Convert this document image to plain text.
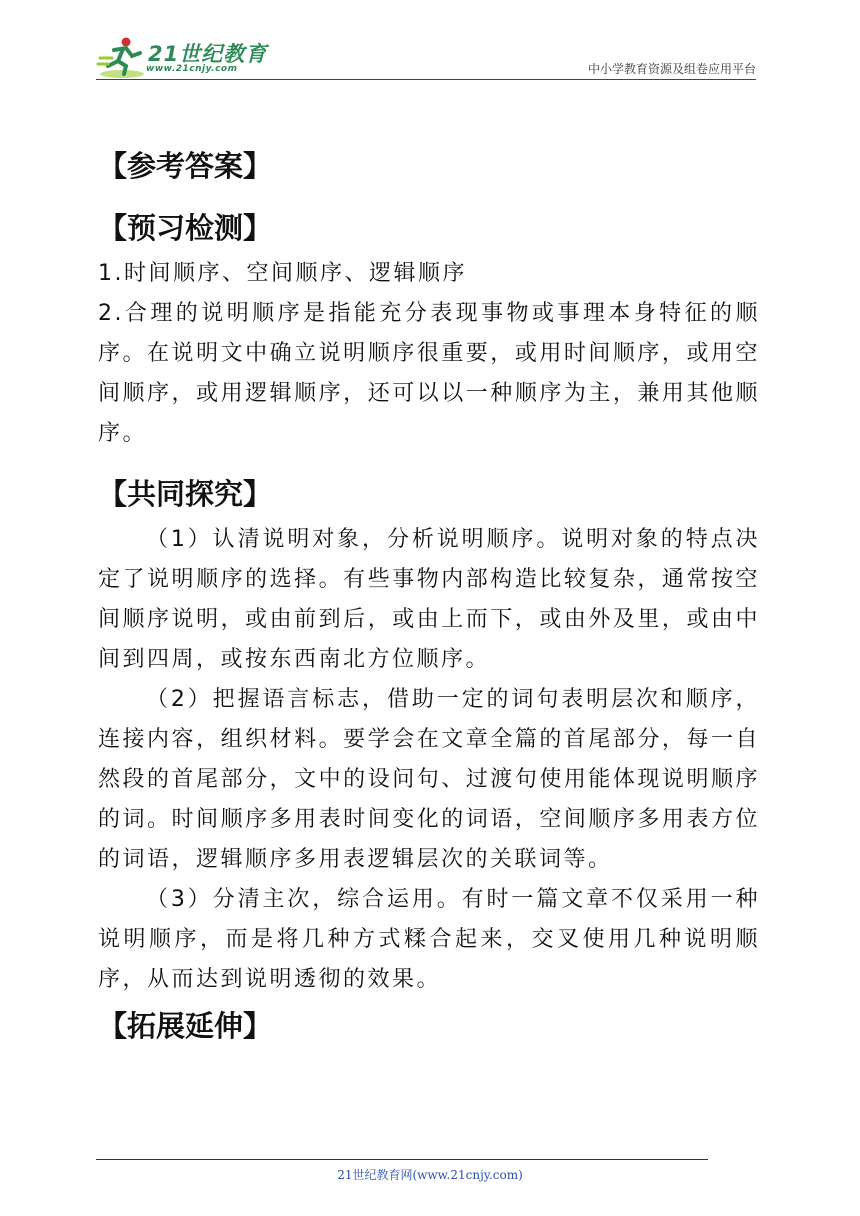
21世纪教育
www.21cnjy.com	中小学教育资源及组卷应用平台
【参考答案】
【预习检测】

1.时间顺序、空间顺序、逻辑顺序

2.合理的说明顺序是指能充分表现事物或事理本身特征的顺序。在说明文中确立说明顺序很重要，或用时间顺序，或用空间顺序，或用逻辑顺序，还可以以一种顺序为主，兼用其他顺序。

【共同探究】

（1）认清说明对象，分析说明顺序。说明对象的特点决定了说明顺序的选择。有些事物内部构造比较复杂，通常按空间顺序说明，或由前到后，或由上而下，或由外及里，或由中间到四周，或按东西南北方位顺序。

（2）把握语言标志，借助一定的词句表明层次和顺序，连接内容，组织材料。要学会在文章全篇的首尾部分，每一自然段的首尾部分，文中的设问句、过渡句使用能体现说明顺序的词。时间顺序多用表时间变化的词语，空间顺序多用表方位的词语，逻辑顺序多用表逻辑层次的关联词等。

（3）分清主次，综合运用。有时一篇文章不仅采用一种说明顺序，而是将几种方式糅合起来，交叉使用几种说明顺序，从而达到说明透彻的效果。

【拓展延伸】
21世纪教育网(www.21cnjy.com)
